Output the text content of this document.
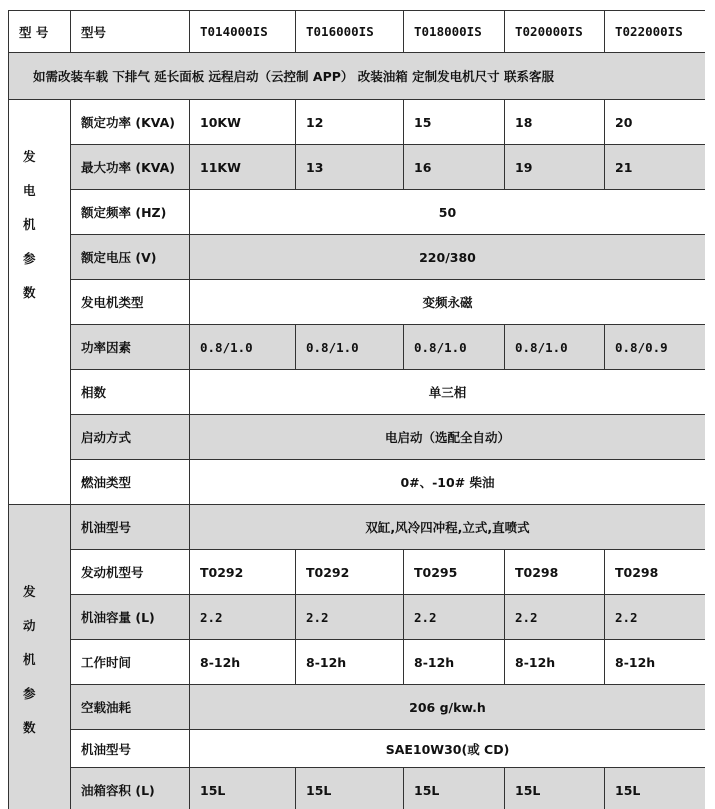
型 号	型号	T014000IS	T016000IS	T018000IS	T020000IS	T022000IS
如需改装车载 下排气 延长面板 远程启动（云控制 APP） 改装油箱 定制发电机尺寸 联系客服						

发
电
机
参
数	额定功率 (KVA)	10KW	12	15	18	20
	最大功率 (KVA)	11KW	13	16	19	21
	额定频率 (HZ)	50				
	额定电压 (V)	220/380				
	发电机类型	变频永磁				
	功率因素	0.8/1.0	0.8/1.0	0.8/1.0	0.8/1.0	0.8/0.9
	相数	单三相				
	启动方式	电启动（选配全自动）				
	燃油类型	0#、-10# 柴油				

发
动
机
参
数	机油型号	双缸,风冷四冲程,立式,直喷式				
	发动机型号	T0292	T0292	T0295	T0298	T0298
	机油容量 (L)	2.2	2.2	2.2	2.2	2.2
	工作时间	8-12h	8-12h	8-12h	8-12h	8-12h
	空载油耗	206 g/kw.h				
	机油型号	SAE10W30(或 CD)				
	油箱容积 (L)	15L	15L	15L	15L	15L
